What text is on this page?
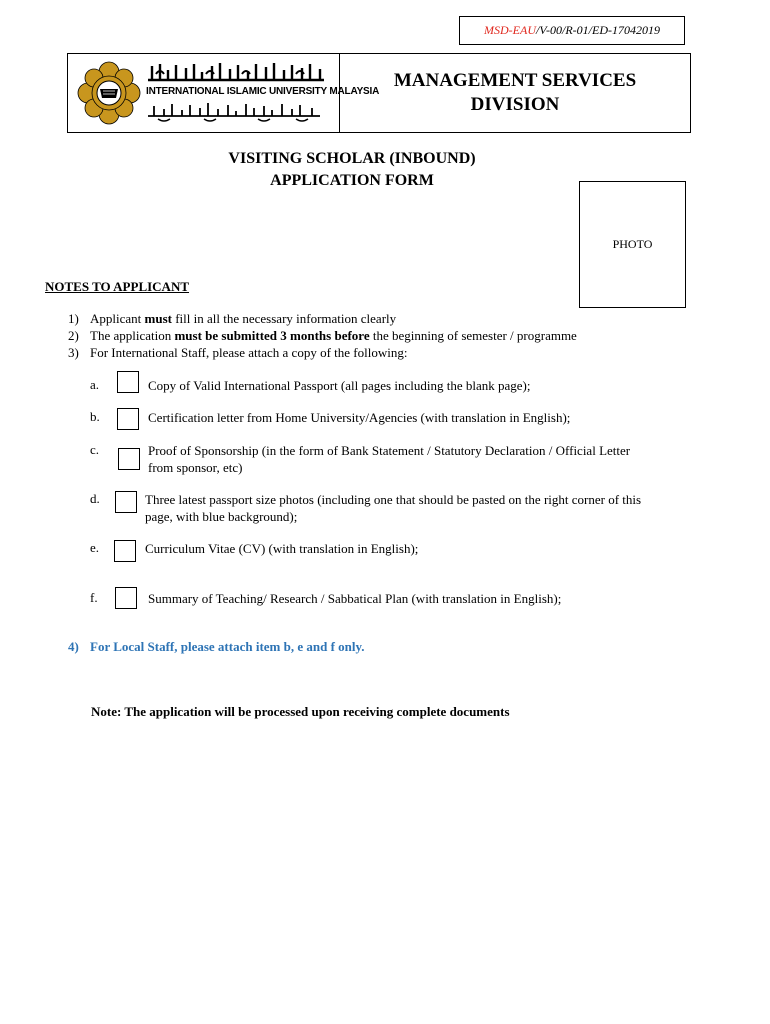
MSD-EAU /V-00/R-01/ED-17042019
INTERNATIONAL ISLAMIC UNIVERSITY MALAYSIA
MANAGEMENT SERVICES
DIVISION
VISITING SCHOLAR (INBOUND)
APPLICATION FORM
PHOTO
NOTES TO APPLICANT
1) Applicant must fill in all the necessary information clearly
2) The application must be submitted 3 months before the beginning of semester / programme
3) For International Staff, please attach a copy of the following:
a.	Copy of Valid International Passport (all pages including the blank page);
b.	Certification letter from Home University/Agencies (with translation in English);
c.	Proof of Sponsorship (in the form of Bank Statement / Statutory Declaration / Official Letter from sponsor, etc)
d.	Three latest passport size photos (including one that should be pasted on the right corner of this page, with blue background);
e.	Curriculum Vitae (CV) (with translation in English);
f.	Summary of Teaching/ Research / Sabbatical Plan (with translation in English);
4) For Local Staff, please attach item b, e and f only.
Note: The application will be processed upon receiving complete documents
